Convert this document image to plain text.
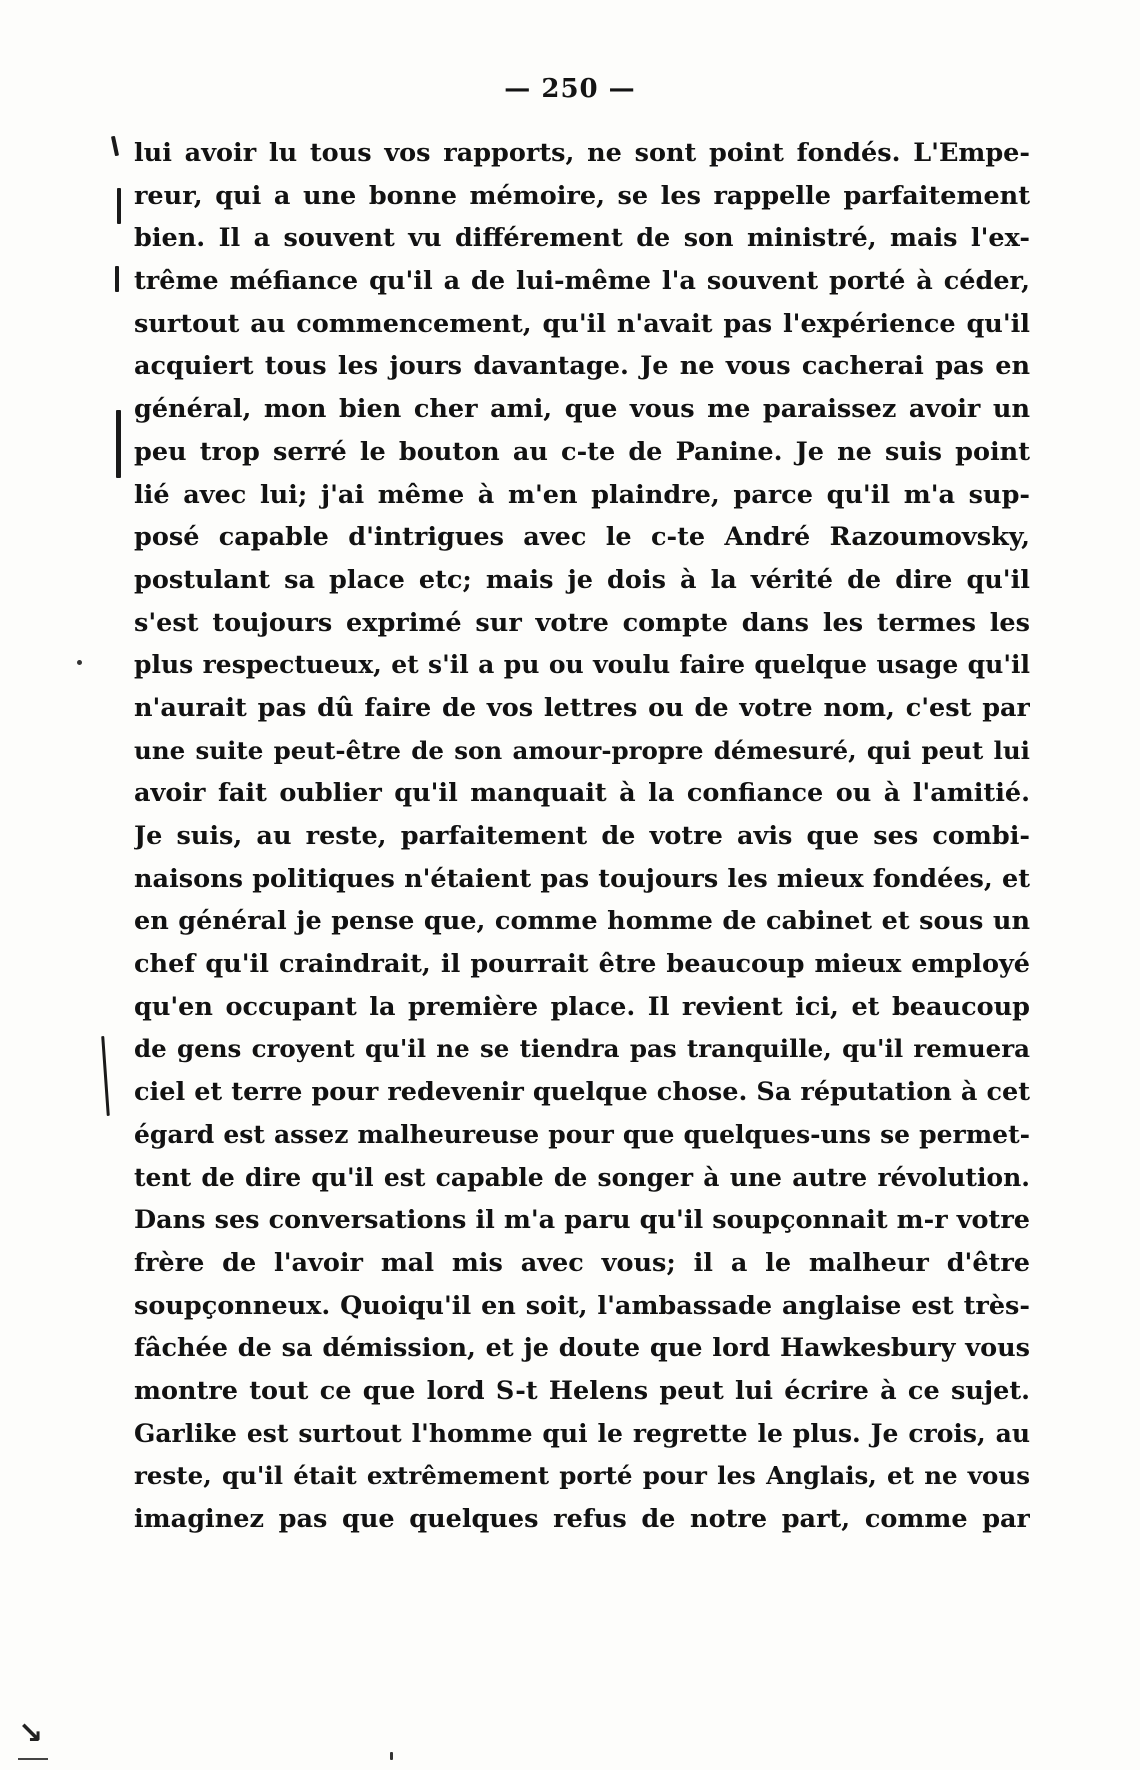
— 250 —
↘
lui avoir lu tous vos rapports, ne sont point fondés. L'Empe-
reur, qui a une bonne mémoire, se les rappelle parfaitement
bien. Il a souvent vu différement de son ministré, mais l'ex-
trême méfiance qu'il a de lui-même l'a souvent porté à céder,
surtout au commencement, qu'il n'avait pas l'expérience qu'il
acquiert tous les jours davantage. Je ne vous cacherai pas en
général, mon bien cher ami, que vous me paraissez avoir un
peu trop serré le bouton au c-te de Panine. Je ne suis point
lié avec lui; j'ai même à m'en plaindre, parce qu'il m'a sup-
posé capable d'intrigues avec le c-te André Razoumovsky,
postulant sa place etc; mais je dois à la vérité de dire qu'il
s'est toujours exprimé sur votre compte dans les termes les
plus respectueux, et s'il a pu ou voulu faire quelque usage qu'il
n'aurait pas dû faire de vos lettres ou de votre nom, c'est par
une suite peut-être de son amour-propre démesuré, qui peut lui
avoir fait oublier qu'il manquait à la confiance ou à l'amitié.
Je suis, au reste, parfaitement de votre avis que ses combi-
naisons politiques n'étaient pas toujours les mieux fondées, et
en général je pense que, comme homme de cabinet et sous un
chef qu'il craindrait, il pourrait être beaucoup mieux employé
qu'en occupant la première place. Il revient ici, et beaucoup
de gens croyent qu'il ne se tiendra pas tranquille, qu'il remuera
ciel et terre pour redevenir quelque chose. Sa réputation à cet
égard est assez malheureuse pour que quelques-uns se permet-
tent de dire qu'il est capable de songer à une autre révolution.
Dans ses conversations il m'a paru qu'il soupçonnait m-r votre
frère de l'avoir mal mis avec vous; il a le malheur d'être
soupçonneux. Quoiqu'il en soit, l'ambassade anglaise est très-
fâchée de sa démission, et je doute que lord Hawkesbury vous
montre tout ce que lord S-t Helens peut lui écrire à ce sujet.
Garlike est surtout l'homme qui le regrette le plus. Je crois, au
reste, qu'il était extrêmement porté pour les Anglais, et ne vous
imaginez pas que quelques refus de notre part, comme par
